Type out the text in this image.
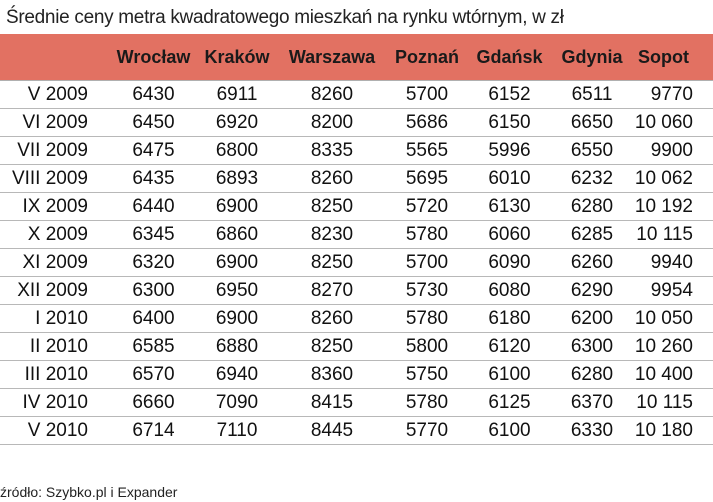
Średnie ceny metra kwadratowego mieszkań na rynku wtórnym, w zł
	Wrocław	Kraków	Warszawa	Poznań	Gdańsk	Gdynia	Sopot
V 2009	6430	6911	8260	5700	6152	6511	9770
VI 2009	6450	6920	8200	5686	6150	6650	10 060
VII 2009	6475	6800	8335	5565	5996	6550	9900
VIII 2009	6435	6893	8260	5695	6010	6232	10 062
IX 2009	6440	6900	8250	5720	6130	6280	10 192
X 2009	6345	6860	8230	5780	6060	6285	10 115
XI 2009	6320	6900	8250	5700	6090	6260	9940
XII 2009	6300	6950	8270	5730	6080	6290	9954
I 2010	6400	6900	8260	5780	6180	6200	10 050
II 2010	6585	6880	8250	5800	6120	6300	10 260
III 2010	6570	6940	8360	5750	6100	6280	10 400
IV 2010	6660	7090	8415	5780	6125	6370	10 115
V 2010	6714	7110	8445	5770	6100	6330	10 180
źródło: Szybko.pl i Expander
